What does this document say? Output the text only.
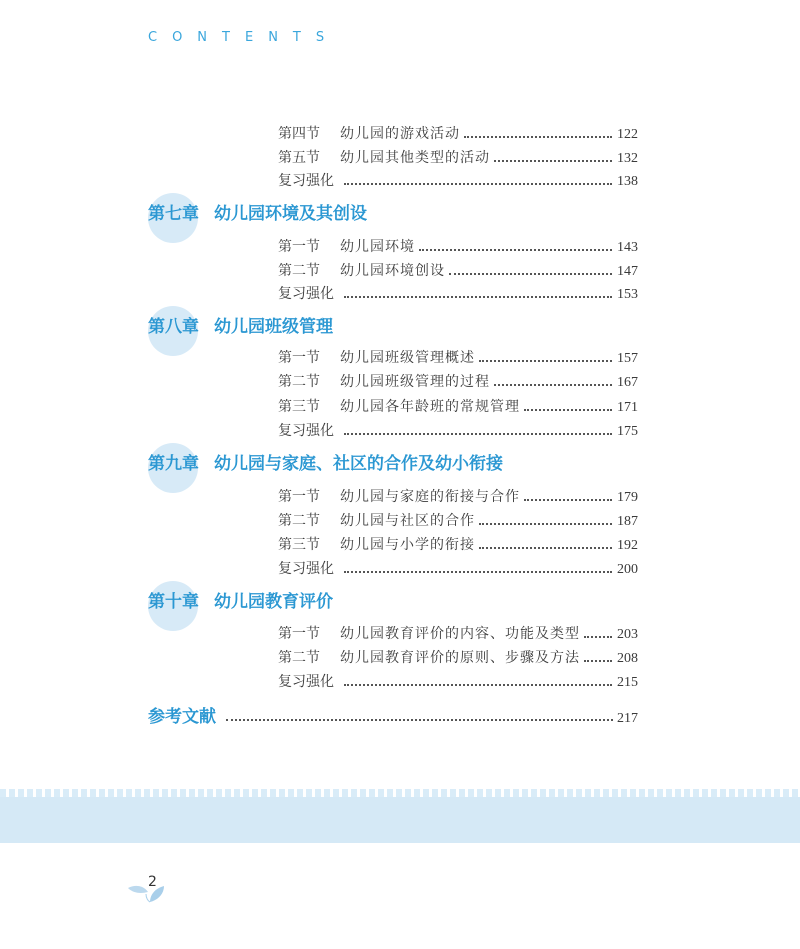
CONTENTS
第四节	幼儿园的游戏活动	122
第五节	幼儿园其他类型的活动	132
复习强化	138
第七章 幼儿园环境及其创设
第一节	幼儿园环境	143
第二节	幼儿园环境创设	147
复习强化	153
第八章 幼儿园班级管理
第一节	幼儿园班级管理概述	157
第二节	幼儿园班级管理的过程	167
第三节	幼儿园各年龄班的常规管理	171
复习强化	175
第九章 幼儿园与家庭、社区的合作及幼小衔接
第一节	幼儿园与家庭的衔接与合作	179
第二节	幼儿园与社区的合作	187
第三节	幼儿园与小学的衔接	192
复习强化	200
第十章 幼儿园教育评价
第一节	幼儿园教育评价的内容、功能及类型	203
第二节	幼儿园教育评价的原则、步骤及方法	208
复习强化	215
参考文献	217
2
